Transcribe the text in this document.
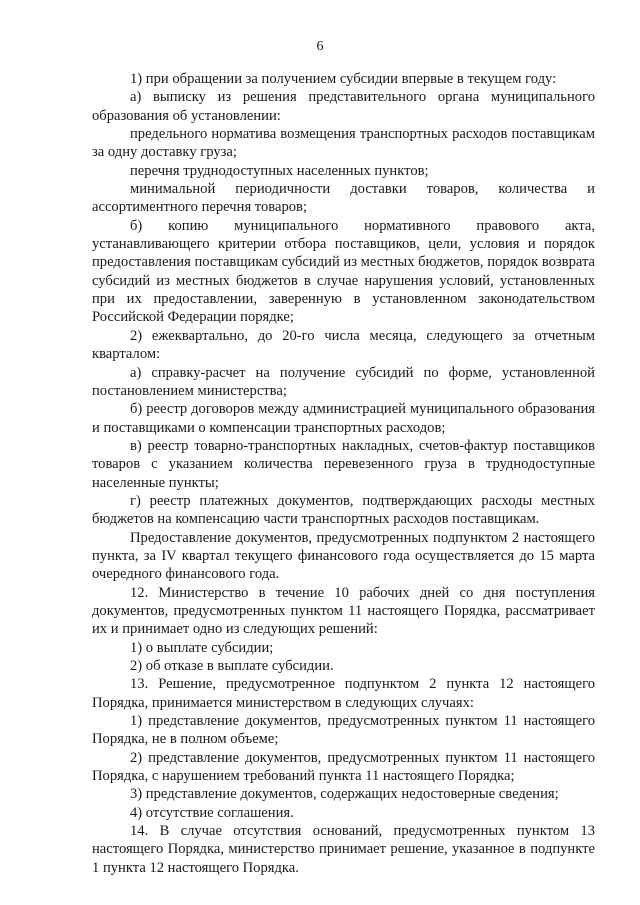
6

1) при обращении за получением субсидии впервые в текущем году:

а) выписку из решения представительного органа муниципального образования об установлении:

предельного норматива возмещения транспортных расходов поставщикам за одну доставку груза;

перечня труднодоступных населенных пунктов;

минимальной периодичности доставки товаров, количества и ассортиментного перечня товаров;

б) копию муниципального нормативного правового акта, устанавливающего критерии отбора поставщиков, цели, условия и порядок предоставления поставщикам субсидий из местных бюджетов, порядок возврата субсидий из местных бюджетов в случае нарушения условий, установленных при их предоставлении, заверенную в установленном законодательством Российской Федерации порядке;

2) ежеквартально, до 20-го числа месяца, следующего за отчетным кварталом:

а) справку-расчет на получение субсидий по форме, установленной постановлением министерства;

б) реестр договоров между администрацией муниципального образования и поставщиками о компенсации транспортных расходов;

в) реестр товарно-транспортных накладных, счетов-фактур поставщиков товаров с указанием количества перевезенного груза в труднодоступные населенные пункты;

г) реестр платежных документов, подтверждающих расходы местных бюджетов на компенсацию части транспортных расходов поставщикам.

Предоставление документов, предусмотренных подпунктом 2 настоящего пункта, за IV квартал текущего финансового года осуществляется до 15 марта очередного финансового года.

12. Министерство в течение 10 рабочих дней со дня поступления документов, предусмотренных пунктом 11 настоящего Порядка, рассматривает их и принимает одно из следующих решений:

1) о выплате субсидии;

2) об отказе в выплате субсидии.

13. Решение, предусмотренное подпунктом 2 пункта 12 настоящего Порядка, принимается министерством в следующих случаях:

1) представление документов, предусмотренных пунктом 11 настоящего Порядка, не в полном объеме;

2) представление документов, предусмотренных пунктом 11 настоящего Порядка, с нарушением требований пункта 11 настоящего Порядка;

3) представление документов, содержащих недостоверные сведения;

4) отсутствие соглашения.

14. В случае отсутствия оснований, предусмотренных пунктом 13 настоящего Порядка, министерство принимает решение, указанное в подпункте 1 пункта 12 настоящего Порядка.
